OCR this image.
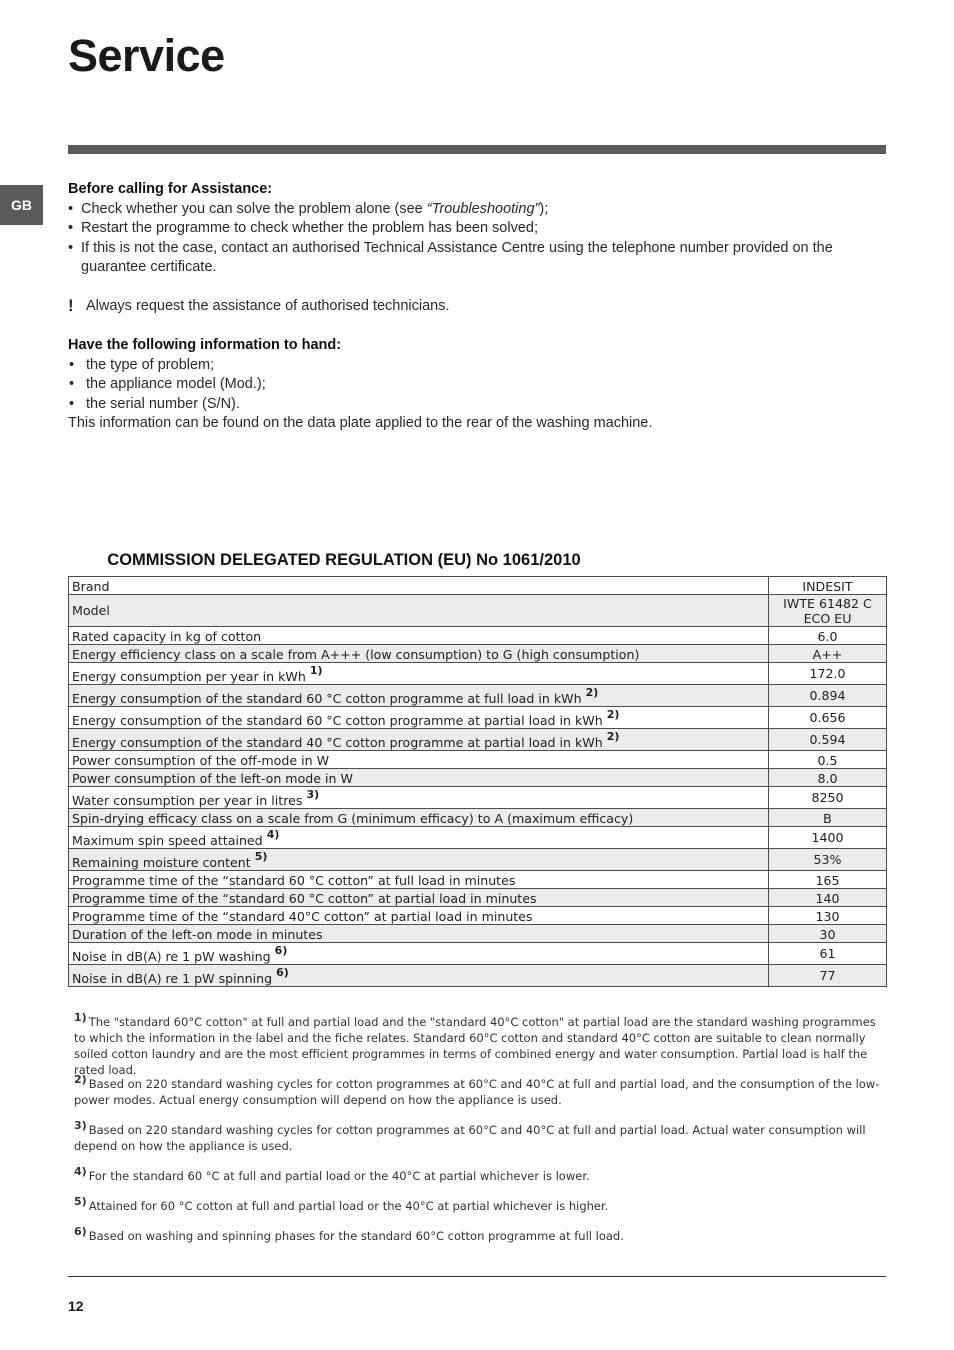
Service
GB
Before calling for Assistance:
• Check whether you can solve the problem alone (see “Troubleshooting”);
• Restart the programme to check whether the problem has been solved;
• If this is not the case, contact an authorised Technical Assistance Centre using the telephone number provided on the guarantee certificate.
! Always request the assistance of authorised technicians.
Have the following information to hand:
• the type of problem;
• the appliance model (Mod.);
• the serial number (S/N).
This information can be found on the data plate applied to the rear of the washing machine.
COMMISSION DELEGATED REGULATION (EU) No 1061/2010
Brand	INDESIT
Model	IWTE 61482 C
ECO EU

Rated capacity in kg of cotton	6.0
Energy efficiency class on a scale from A+++ (low consumption) to G (high consumption)	A++
Energy consumption per year in kWh $^{1)}$	172.0
Energy consumption of the standard 60 °C cotton programme at full load in kWh $^{2)}$	0.894
Energy consumption of the standard 60 °C cotton programme at partial load in kWh $^{2)}$	0.656
Energy consumption of the standard 40 °C cotton programme at partial load in kWh $^{2)}$	0.594
Power consumption of the off-mode in W	0.5
Power consumption of the left-on mode in W	8.0
Water consumption per year in litres $^{3)}$	8250
Spin-drying efficacy class on a scale from G (minimum efficacy) to A (maximum efficacy)	B
Maximum spin speed attained $^{4)}$	1400
Remaining moisture content $^{5)}$	53%
Programme time of the “standard 60 °C cotton” at full load in minutes	165
Programme time of the “standard 60 °C cotton” at partial load in minutes	140
Programme time of the “standard 40°C cotton” at partial load in minutes	130
Duration of the left-on mode in minutes	30
Noise in dB(A) re 1 pW washing $^{6)}$	61
Noise in dB(A) re 1 pW spinning $^{6)}$	77
$^{1)}$ The "standard 60°C cotton" at full and partial load and the "standard 40°C cotton" at partial load are the standard washing programmes to which the information in the label and the fiche relates. Standard 60°C cotton and standard 40°C cotton are suitable to clean normally soiled cotton laundry and are the most efficient programmes in terms of combined energy and water consumption. Partial load is half the rated load.
$^{2)}$ Based on 220 standard washing cycles for cotton programmes at 60°C and 40°C at full and partial load, and the consumption of the low-power modes. Actual energy consumption will depend on how the appliance is used.
$^{3)}$ Based on 220 standard washing cycles for cotton programmes at 60°C and 40°C at full and partial load. Actual water consumption will depend on how the appliance is used.
$^{4)}$ For the standard 60 °C at full and partial load or the 40°C at partial whichever is lower.
$^{5)}$ Attained for 60 °C cotton at full and partial load or the 40°C at partial whichever is higher.
$^{6)}$ Based on washing and spinning phases for the standard 60°C cotton programme at full load.
12
